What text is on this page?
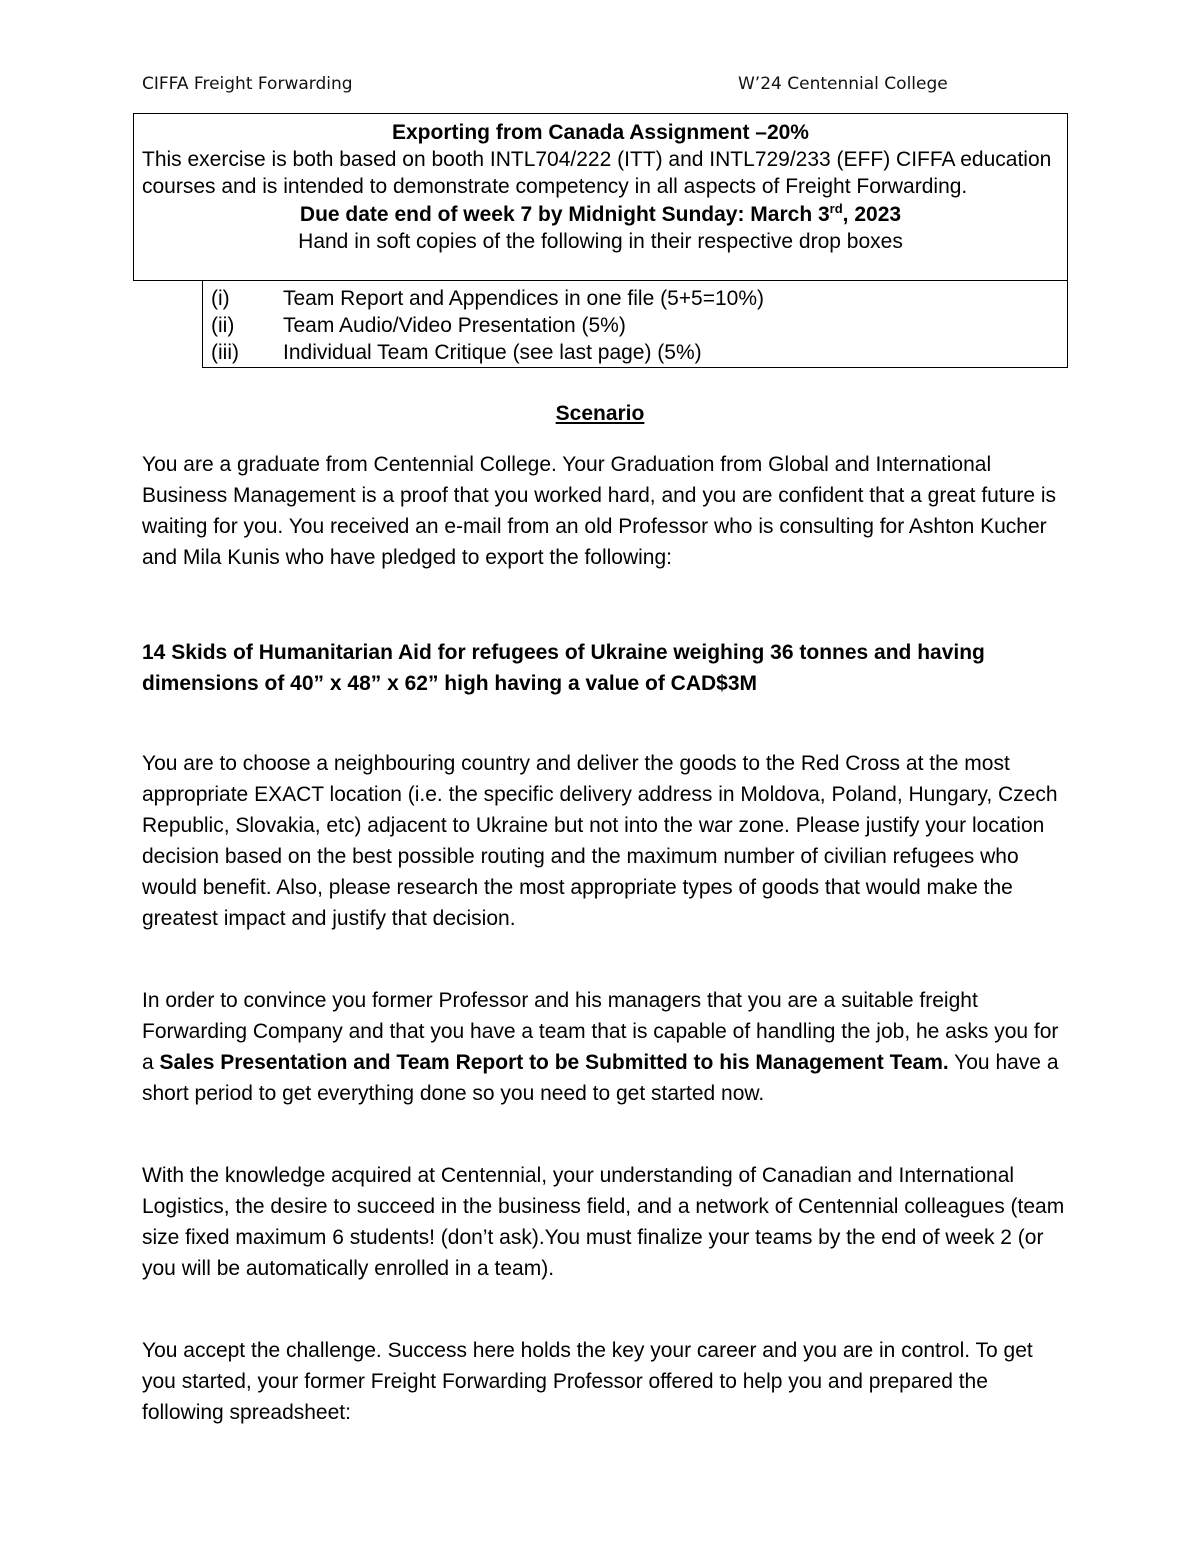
CIFFA Freight Forwarding	W’24 Centennial College
Exporting from Canada Assignment –20%
This exercise is both based on booth INTL704/222 (ITT) and INTL729/233 (EFF) CIFFA education courses and is intended to demonstrate competency in all aspects of Freight Forwarding.
Due date end of week 7 by Midnight Sunday: March 3rd, 2023
Hand in soft copies of the following in their respective drop boxes
(i)	Team Report and Appendices in one file (5+5=10%)
(ii)	Team Audio/Video Presentation (5%)
(iii)	Individual Team Critique (see last page) (5%)
Scenario
You are a graduate from Centennial College. Your Graduation from Global and International Business Management is a proof that you worked hard, and you are confident that a great future is waiting for you. You received an e-mail from an old Professor who is consulting for Ashton Kucher and Mila Kunis who have pledged to export the following:
14 Skids of Humanitarian Aid for refugees of Ukraine weighing 36 tonnes and having dimensions of 40” x 48” x 62” high having a value of CAD$3M
You are to choose a neighbouring country and deliver the goods to the Red Cross at the most appropriate EXACT location (i.e. the specific delivery address in Moldova, Poland, Hungary, Czech Republic, Slovakia, etc) adjacent to Ukraine but not into the war zone. Please justify your location decision based on the best possible routing and the maximum number of civilian refugees who would benefit. Also, please research the most appropriate types of goods that would make the greatest impact and justify that decision.
In order to convince you former Professor and his managers that you are a suitable freight Forwarding Company and that you have a team that is capable of handling the job, he asks you for a Sales Presentation and Team Report to be Submitted to his Management Team. You have a short period to get everything done so you need to get started now.
With the knowledge acquired at Centennial, your understanding of Canadian and International Logistics, the desire to succeed in the business field, and a network of Centennial colleagues (team size fixed maximum 6 students! (don’t ask).You must finalize your teams by the end of week 2 (or you will be automatically enrolled in a team).
You accept the challenge. Success here holds the key your career and you are in control. To get you started, your former Freight Forwarding Professor offered to help you and prepared the following spreadsheet:
